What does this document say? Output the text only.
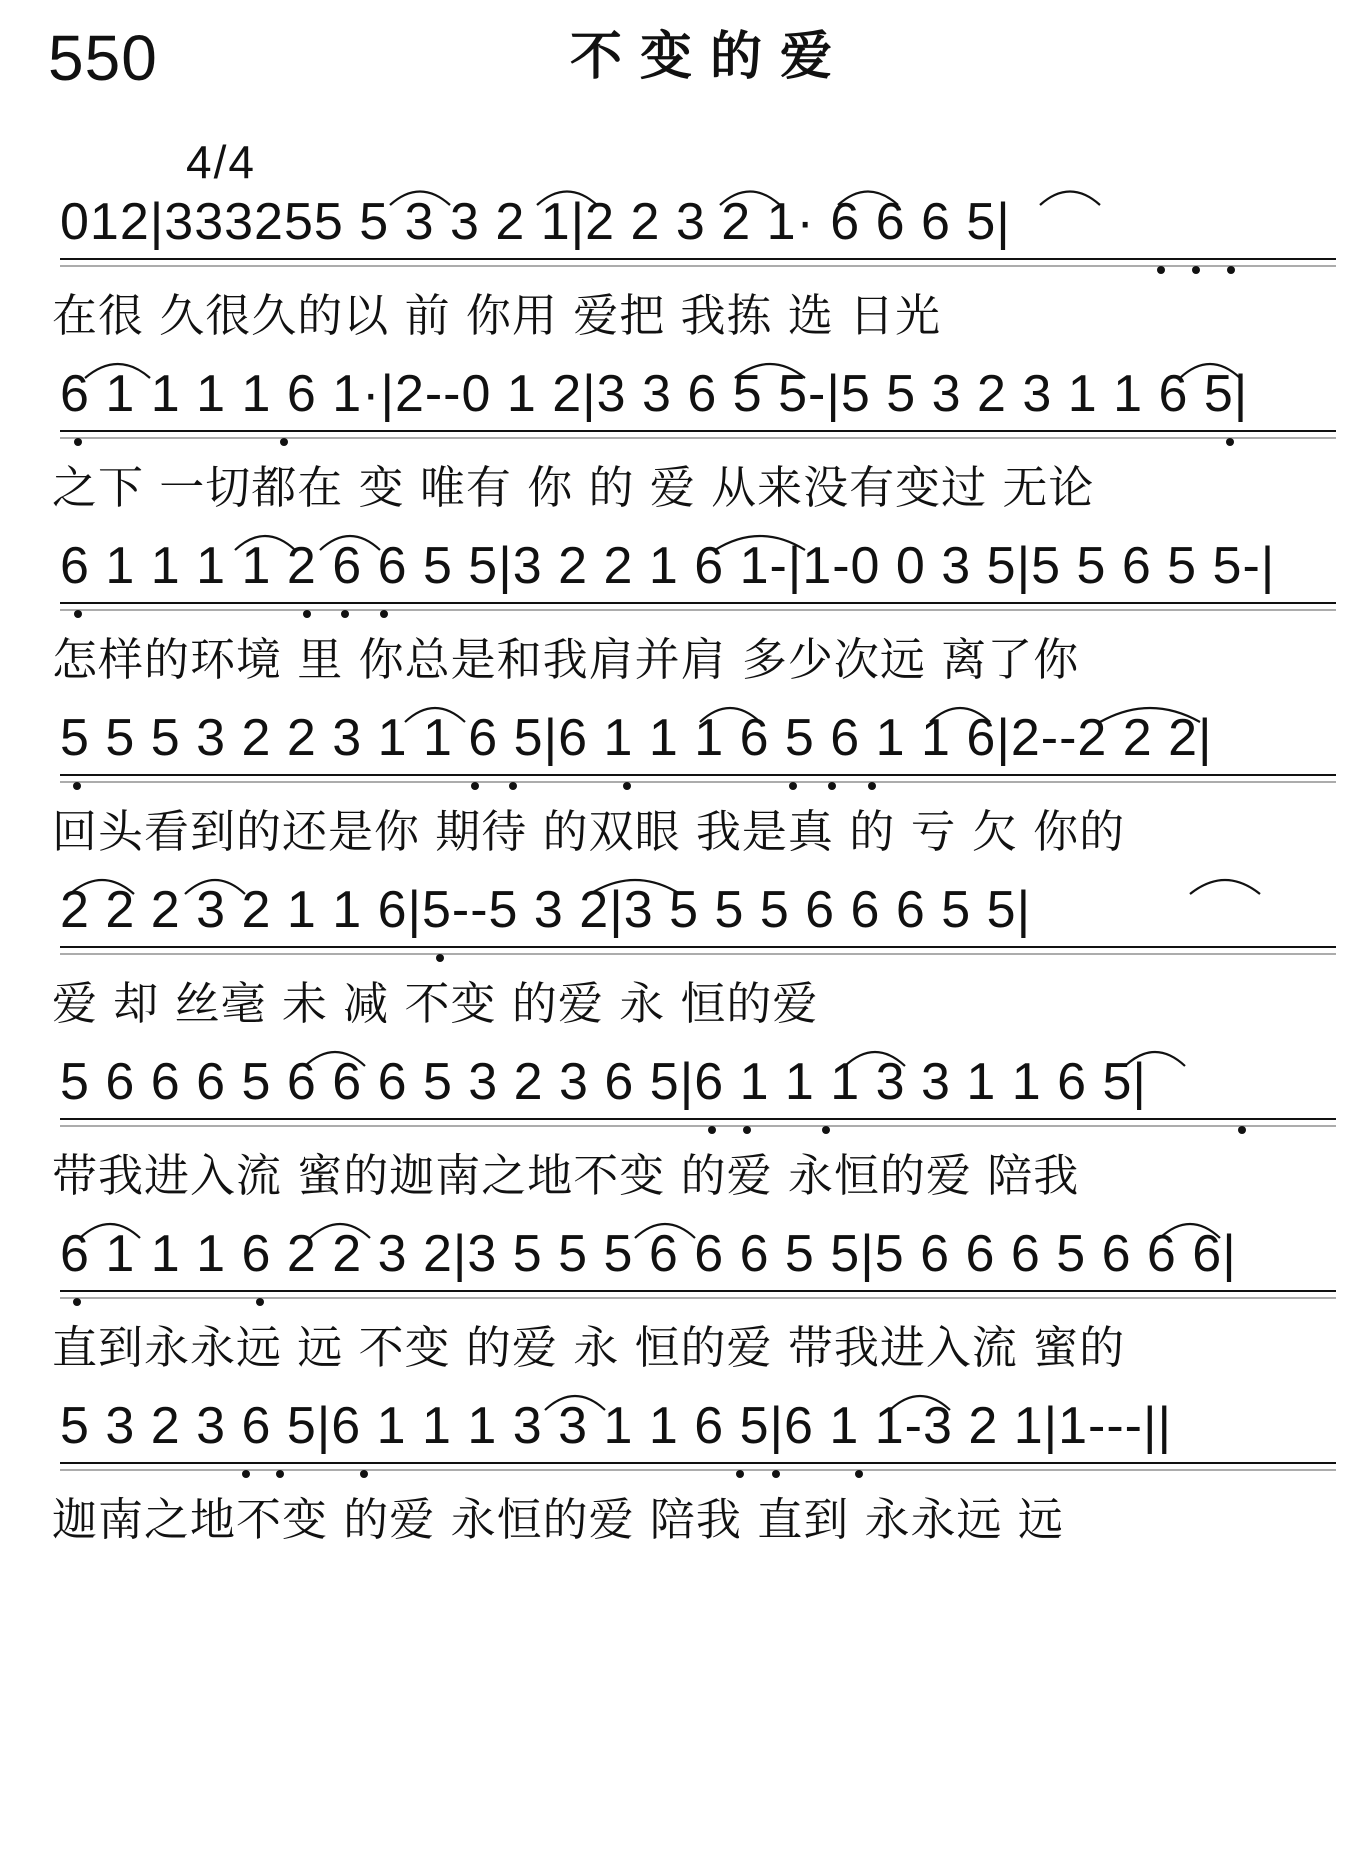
550	不变的爱
4/4
012|333255 5 3 3 2 1|2 2 3 2 1· 6 6 6 5|
在很 久很久的以 前 你用 爱把 我拣 选 日光
6 1 1 1 1 6 1·|2--0 1 2|3 3 6 5 5-|5 5 3 2 3 1 1 6 5|
之下 一切都在 变 唯有 你 的 爱 从来没有变过 无论
6 1 1 1 1 2 6 6 5 5|3 2 2 1 6 1-|1-0 0 3 5|5 5 6 5 5-|
怎样的环境 里 你总是和我肩并肩 多少次远 离了你
5 5 5 3 2 2 3 1 1 6 5|6 1 1 1 6 5 6 1 1 6|2--2 2 2|
回头看到的还是你 期待 的双眼 我是真 的 亏 欠 你的
2 2 2 3 2 1 1 6|5--5 3 2|3 5 5 5 6 6 6 5 5|
爱 却 丝毫 未 减 不变 的爱 永 恒的爱
5 6 6 6 5 6 6 6 5 3 2 3 6 5|6 1 1 1 3 3 1 1 6 5|
带我进入流 蜜的迦南之地不变 的爱 永恒的爱 陪我
6 1 1 1 6 2 2 3 2|3 5 5 5 6 6 6 5 5|5 6 6 6 5 6 6 6|
直到永永远 远 不变 的爱 永 恒的爱 带我进入流 蜜的
5 3 2 3 6 5|6 1 1 1 3 3 1 1 6 5|6 1 1-3 2 1|1---||
迦南之地不变 的爱 永恒的爱 陪我 直到 永永远 远
